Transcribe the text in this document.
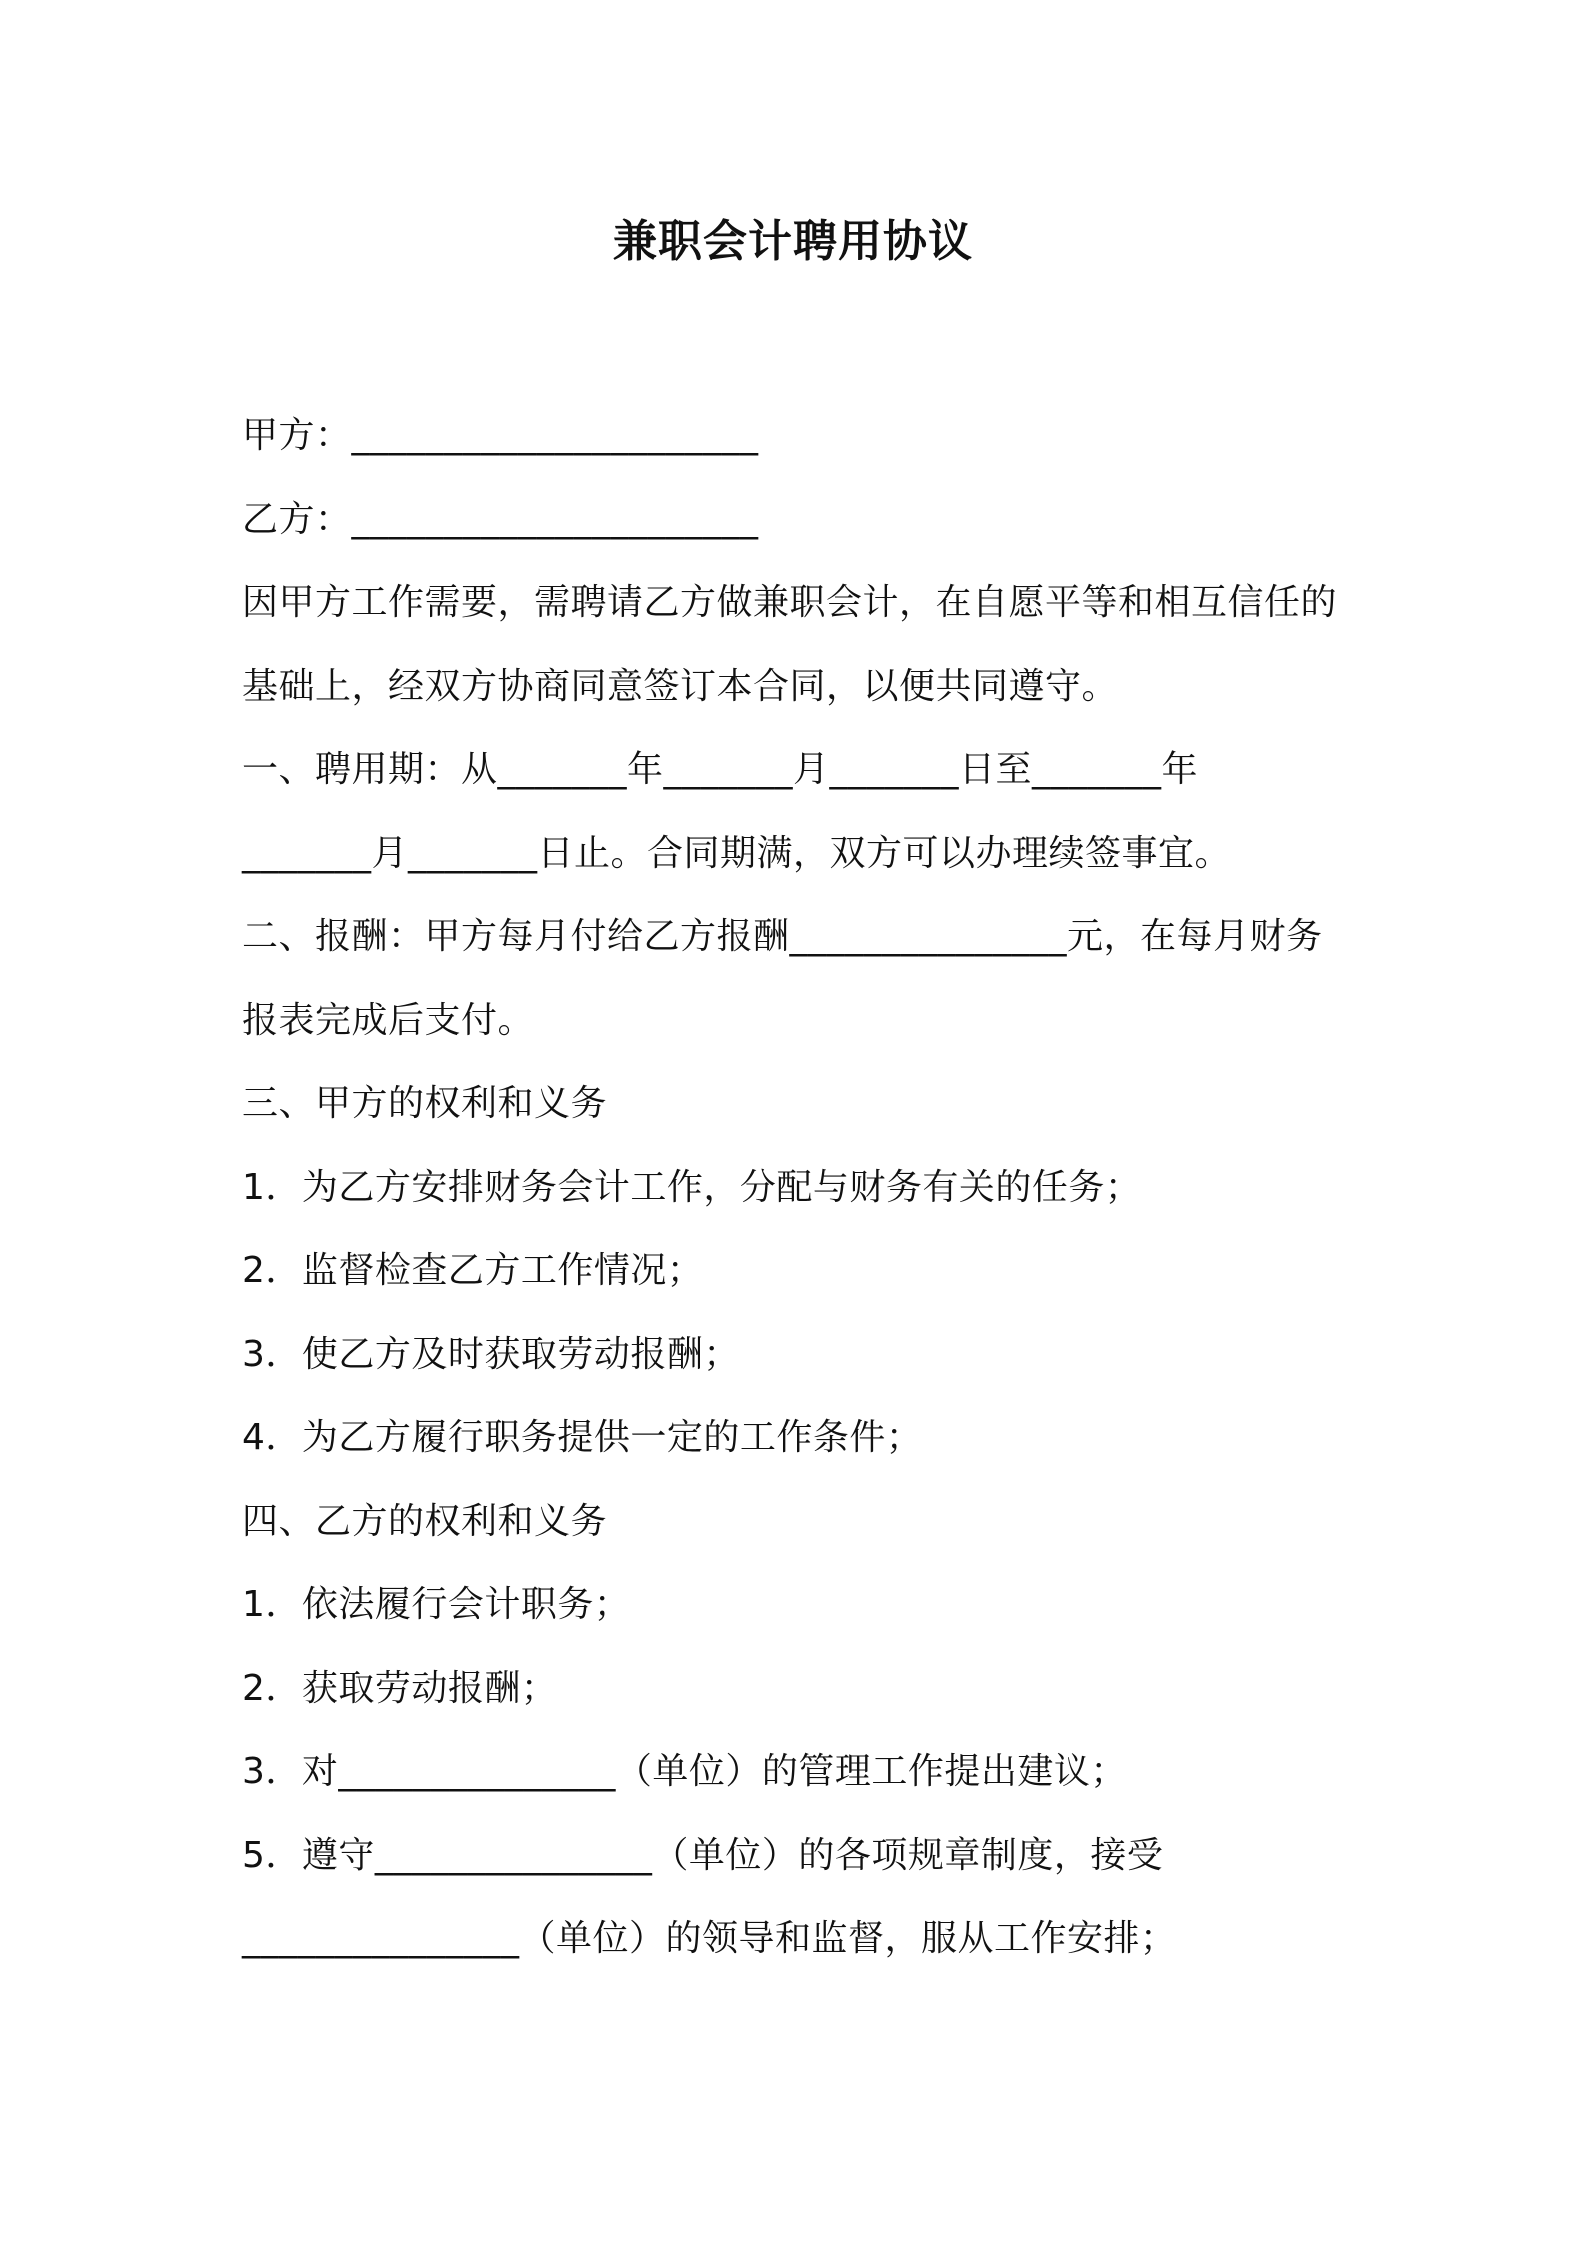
兼职会计聘用协议
甲方：______________________
乙方：______________________
因甲方工作需要，需聘请乙方做兼职会计，在自愿平等和相互信任的
基础上，经双方协商同意签订本合同，以便共同遵守。
一、聘用期：从_______年_______月_______日至_______年
_______月_______日止。合同期满，双方可以办理续签事宜。
二、报酬：甲方每月付给乙方报酬_______________元，在每月财务
报表完成后支付。
三、甲方的权利和义务
1．为乙方安排财务会计工作，分配与财务有关的任务；
2．监督检查乙方工作情况；
3．使乙方及时获取劳动报酬；
4．为乙方履行职务提供一定的工作条件；
四、乙方的权利和义务
1．依法履行会计职务；
2．获取劳动报酬；
3．对_______________（单位）的管理工作提出建议；
5．遵守_______________（单位）的各项规章制度，接受
_______________（单位）的领导和监督，服从工作安排；
